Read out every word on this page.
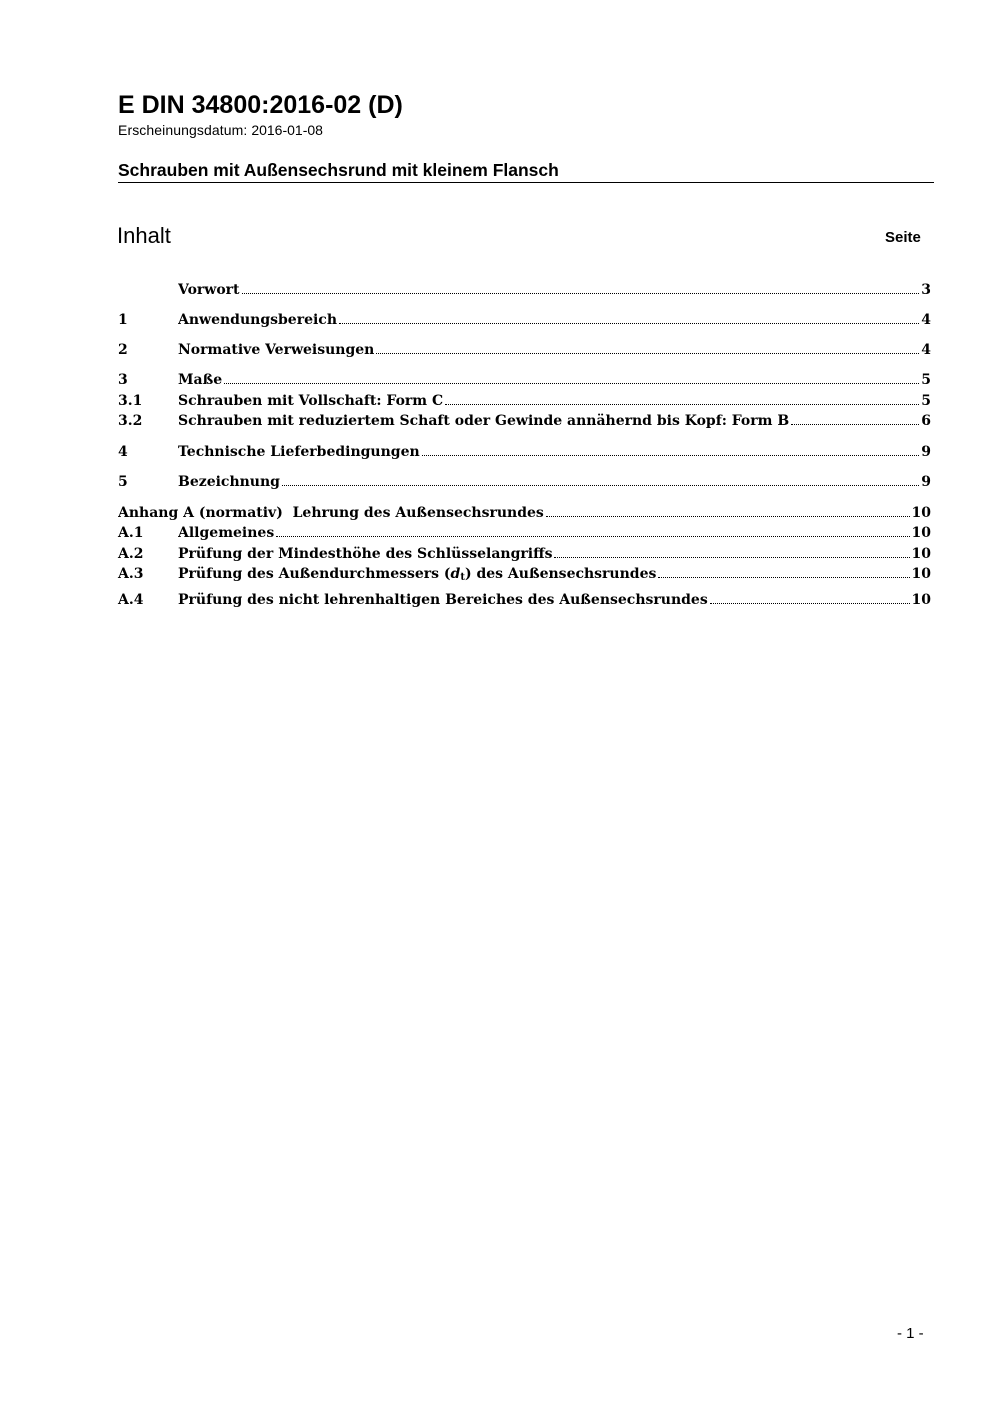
E DIN 34800:2016-02 (D)
Erscheinungsdatum: 2016-01-08
Schrauben mit Außensechsrund mit kleinem Flansch
Inhalt	Seite
Vorwort	3
1	Anwendungsbereich	4
2	Normative Verweisungen	4
3	Maße	5
3.1	Schrauben mit Vollschaft: Form C	5
3.2	Schrauben mit reduziertem Schaft oder Gewinde annähernd bis Kopf: Form B	6
4	Technische Lieferbedingungen	9
5	Bezeichnung	9
Anhang A (normativ)  Lehrung des Außensechsrundes	10
A.1	Allgemeines	10
A.2	Prüfung der Mindesthöhe des Schlüsselangriffs	10
A.3	Prüfung des Außendurchmessers $(d_t)$ des Außensechsrundes	10
A.4	Prüfung des nicht lehrenhaltigen Bereiches des Außensechsrundes	10
- 1 -
